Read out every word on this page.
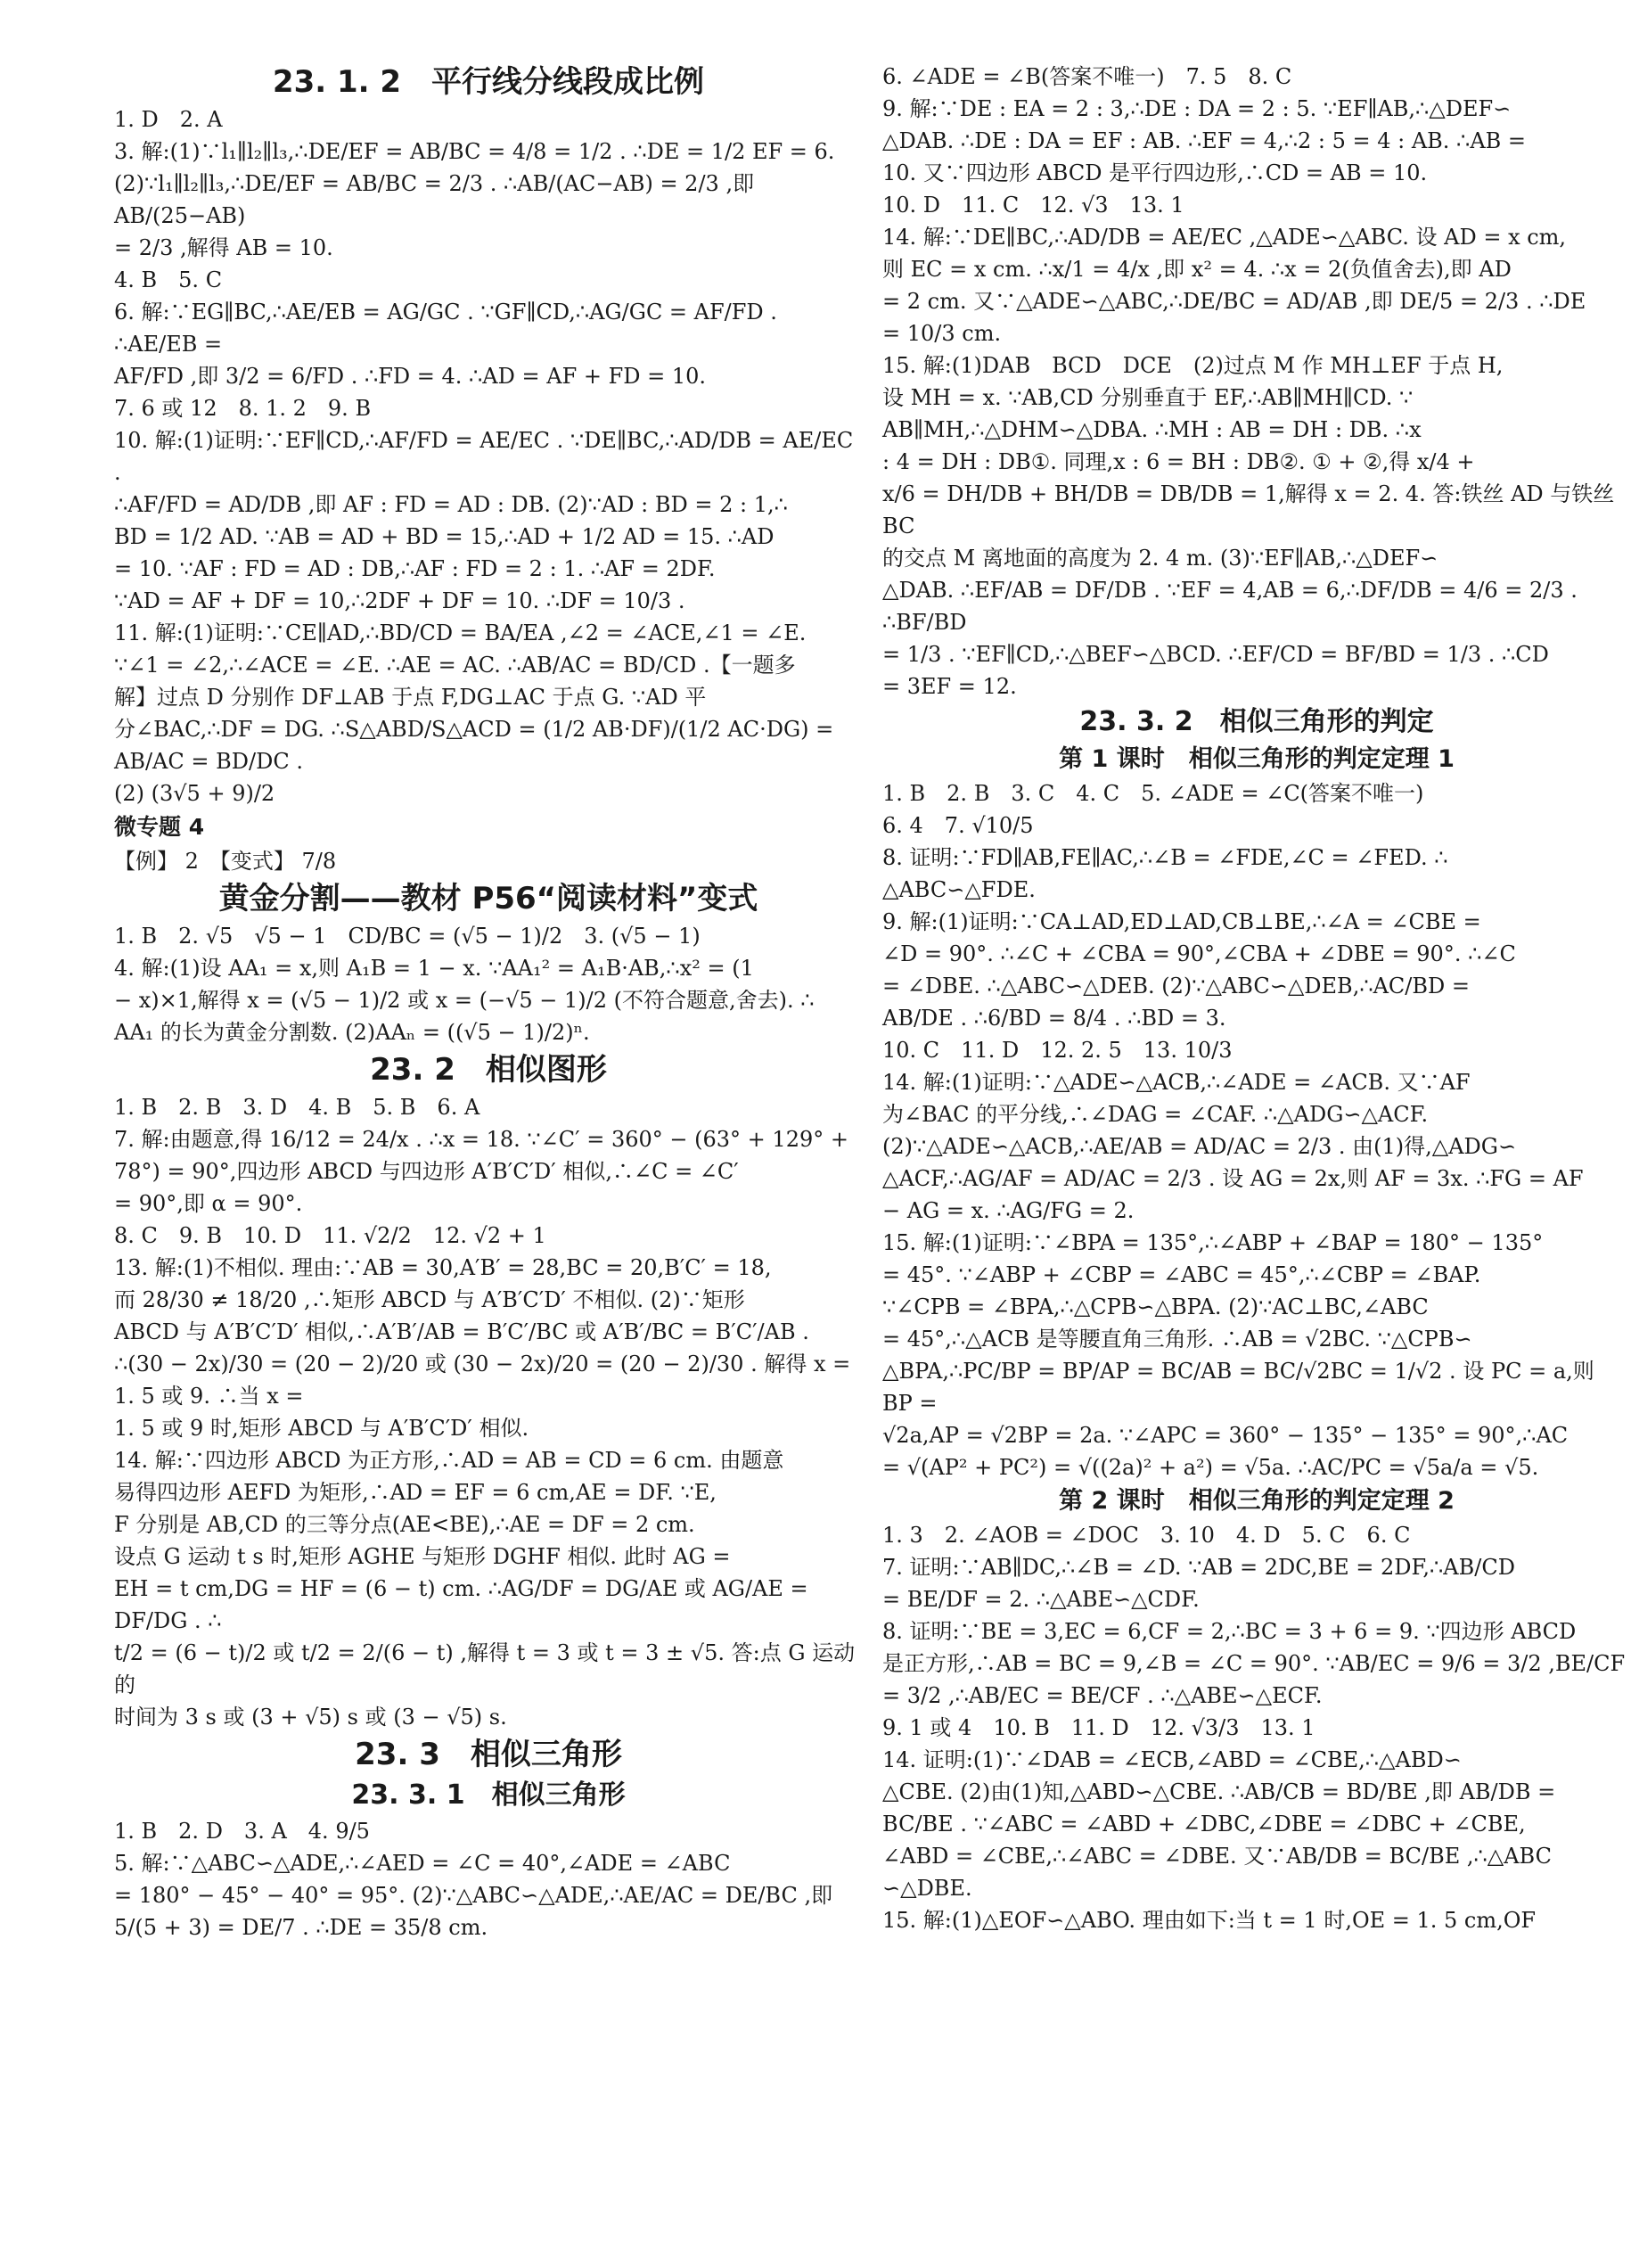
23. 1. 2　平行线分线段成比例

1. D　2. A

3. 解:(1)∵l₁∥l₂∥l₃,∴DE/EF = AB/BC = 4/8 = 1/2 . ∴DE = 1/2 EF = 6.

(2)∵l₁∥l₂∥l₃,∴DE/EF = AB/BC = 2/3 . ∴AB/(AC−AB) = 2/3 ,即 AB/(25−AB)

= 2/3 ,解得 AB = 10.

4. B　5. C

6. 解:∵EG∥BC,∴AE/EB = AG/GC . ∵GF∥CD,∴AG/GC = AF/FD . ∴AE/EB =

AF/FD ,即 3/2 = 6/FD . ∴FD = 4. ∴AD = AF + FD = 10.

7. 6 或 12　8. 1. 2　9. B

10. 解:(1)证明:∵EF∥CD,∴AF/FD = AE/EC . ∵DE∥BC,∴AD/DB = AE/EC .

∴AF/FD = AD/DB ,即 AF : FD = AD : DB. (2)∵AD : BD = 2 : 1,∴

BD = 1/2 AD. ∵AB = AD + BD = 15,∴AD + 1/2 AD = 15. ∴AD

= 10. ∵AF : FD = AD : DB,∴AF : FD = 2 : 1. ∴AF = 2DF.

∵AD = AF + DF = 10,∴2DF + DF = 10. ∴DF = 10/3 .

11. 解:(1)证明:∵CE∥AD,∴BD/CD = BA/EA ,∠2 = ∠ACE,∠1 = ∠E.

∵∠1 = ∠2,∴∠ACE = ∠E. ∴AE = AC. ∴AB/AC = BD/CD .【一题多

解】过点 D 分别作 DF⊥AB 于点 F,DG⊥AC 于点 G. ∵AD 平

分∠BAC,∴DF = DG. ∴S△ABD/S△ACD = (1/2 AB·DF)/(1/2 AC·DG) = AB/AC = BD/DC .

(2) (3√5 + 9)/2

微专题 4

【例】 2　【变式】 7/8

黄金分割——教材 P56“阅读材料”变式

1. B　2. √5　√5 − 1　CD/BC = (√5 − 1)/2　3. (√5 − 1)

4. 解:(1)设 AA₁ = x,则 A₁B = 1 − x. ∵AA₁² = A₁B·AB,∴x² = (1

− x)×1,解得 x = (√5 − 1)/2 或 x = (−√5 − 1)/2 (不符合题意,舍去). ∴

AA₁ 的长为黄金分割数. (2)AAₙ = ((√5 − 1)/2)ⁿ.

23. 2　相似图形

1. B　2. B　3. D　4. B　5. B　6. A

7. 解:由题意,得 16/12 = 24/x . ∴x = 18. ∵∠C′ = 360° − (63° + 129° +

78°) = 90°,四边形 ABCD 与四边形 A′B′C′D′ 相似,∴∠C = ∠C′

= 90°,即 α = 90°.

8. C　9. B　10. D　11. √2/2　12. √2 + 1

13. 解:(1)不相似. 理由:∵AB = 30,A′B′ = 28,BC = 20,B′C′ = 18,

而 28/30 ≠ 18/20 ,∴矩形 ABCD 与 A′B′C′D′ 不相似. (2)∵矩形

ABCD 与 A′B′C′D′ 相似,∴A′B′/AB = B′C′/BC 或 A′B′/BC = B′C′/AB .

∴(30 − 2x)/30 = (20 − 2)/20 或 (30 − 2x)/20 = (20 − 2)/30 . 解得 x = 1. 5 或 9. ∴当 x =

1. 5 或 9 时,矩形 ABCD 与 A′B′C′D′ 相似.

14. 解:∵四边形 ABCD 为正方形,∴AD = AB = CD = 6 cm. 由题意

易得四边形 AEFD 为矩形,∴AD = EF = 6 cm,AE = DF. ∵E,

F 分别是 AB,CD 的三等分点(AE<BE),∴AE = DF = 2 cm.

设点 G 运动 t s 时,矩形 AGHE 与矩形 DGHF 相似. 此时 AG =

EH = t cm,DG = HF = (6 − t) cm. ∴AG/DF = DG/AE 或 AG/AE = DF/DG . ∴

t/2 = (6 − t)/2 或 t/2 = 2/(6 − t) ,解得 t = 3 或 t = 3 ± √5. 答:点 G 运动的

时间为 3 s 或 (3 + √5) s 或 (3 − √5) s.

23. 3　相似三角形

23. 3. 1　相似三角形

1. B　2. D　3. A　4. 9/5

5. 解:∵△ABC∽△ADE,∴∠AED = ∠C = 40°,∠ADE = ∠ABC

= 180° − 45° − 40° = 95°. (2)∵△ABC∽△ADE,∴AE/AC = DE/BC ,即

5/(5 + 3) = DE/7 . ∴DE = 35/8 cm.

6. ∠ADE = ∠B(答案不唯一)　7. 5　8. C

9. 解:∵DE : EA = 2 : 3,∴DE : DA = 2 : 5. ∵EF∥AB,∴△DEF∽

△DAB. ∴DE : DA = EF : AB. ∴EF = 4,∴2 : 5 = 4 : AB. ∴AB =

10. 又∵四边形 ABCD 是平行四边形,∴CD = AB = 10.

10. D　11. C　12. √3　13. 1

14. 解:∵DE∥BC,∴AD/DB = AE/EC ,△ADE∽△ABC. 设 AD = x cm,

则 EC = x cm. ∴x/1 = 4/x ,即 x² = 4. ∴x = 2(负值舍去),即 AD

= 2 cm. 又∵△ADE∽△ABC,∴DE/BC = AD/AB ,即 DE/5 = 2/3 . ∴DE

= 10/3 cm.

15. 解:(1)DAB　BCD　DCE　(2)过点 M 作 MH⊥EF 于点 H,

设 MH = x. ∵AB,CD 分别垂直于 EF,∴AB∥MH∥CD. ∵

AB∥MH,∴△DHM∽△DBA. ∴MH : AB = DH : DB. ∴x

: 4 = DH : DB①. 同理,x : 6 = BH : DB②. ① + ②,得 x/4 +

x/6 = DH/DB + BH/DB = DB/DB = 1,解得 x = 2. 4. 答:铁丝 AD 与铁丝 BC

的交点 M 离地面的高度为 2. 4 m. (3)∵EF∥AB,∴△DEF∽

△DAB. ∴EF/AB = DF/DB . ∵EF = 4,AB = 6,∴DF/DB = 4/6 = 2/3 . ∴BF/BD

= 1/3 . ∵EF∥CD,∴△BEF∽△BCD. ∴EF/CD = BF/BD = 1/3 . ∴CD

= 3EF = 12.

23. 3. 2　相似三角形的判定

第 1 课时　相似三角形的判定定理 1

1. B　2. B　3. C　4. C　5. ∠ADE = ∠C(答案不唯一)

6. 4　7. √10/5

8. 证明:∵FD∥AB,FE∥AC,∴∠B = ∠FDE,∠C = ∠FED. ∴

△ABC∽△FDE.

9. 解:(1)证明:∵CA⊥AD,ED⊥AD,CB⊥BE,∴∠A = ∠CBE =

∠D = 90°. ∴∠C + ∠CBA = 90°,∠CBA + ∠DBE = 90°. ∴∠C

= ∠DBE. ∴△ABC∽△DEB. (2)∵△ABC∽△DEB,∴AC/BD =

AB/DE . ∴6/BD = 8/4 . ∴BD = 3.

10. C　11. D　12. 2. 5　13. 10/3

14. 解:(1)证明:∵△ADE∽△ACB,∴∠ADE = ∠ACB. 又∵AF

为∠BAC 的平分线,∴∠DAG = ∠CAF. ∴△ADG∽△ACF.

(2)∵△ADE∽△ACB,∴AE/AB = AD/AC = 2/3 . 由(1)得,△ADG∽

△ACF,∴AG/AF = AD/AC = 2/3 . 设 AG = 2x,则 AF = 3x. ∴FG = AF

− AG = x. ∴AG/FG = 2.

15. 解:(1)证明:∵∠BPA = 135°,∴∠ABP + ∠BAP = 180° − 135°

= 45°. ∵∠ABP + ∠CBP = ∠ABC = 45°,∴∠CBP = ∠BAP.

∵∠CPB = ∠BPA,∴△CPB∽△BPA. (2)∵AC⊥BC,∠ABC

= 45°,∴△ACB 是等腰直角三角形. ∴AB = √2BC. ∵△CPB∽

△BPA,∴PC/BP = BP/AP = BC/AB = BC/√2BC = 1/√2 . 设 PC = a,则 BP =

√2a,AP = √2BP = 2a. ∵∠APC = 360° − 135° − 135° = 90°,∴AC

= √(AP² + PC²) = √((2a)² + a²) = √5a. ∴AC/PC = √5a/a = √5.

第 2 课时　相似三角形的判定定理 2

1. 3　2. ∠AOB = ∠DOC　3. 10　4. D　5. C　6. C

7. 证明:∵AB∥DC,∴∠B = ∠D. ∵AB = 2DC,BE = 2DF,∴AB/CD

= BE/DF = 2. ∴△ABE∽△CDF.

8. 证明:∵BE = 3,EC = 6,CF = 2,∴BC = 3 + 6 = 9. ∵四边形 ABCD

是正方形,∴AB = BC = 9,∠B = ∠C = 90°. ∵AB/EC = 9/6 = 3/2 ,BE/CF

= 3/2 ,∴AB/EC = BE/CF . ∴△ABE∽△ECF.

9. 1 或 4　10. B　11. D　12. √3/3　13. 1

14. 证明:(1)∵∠DAB = ∠ECB,∠ABD = ∠CBE,∴△ABD∽

△CBE. (2)由(1)知,△ABD∽△CBE. ∴AB/CB = BD/BE ,即 AB/DB =

BC/BE . ∵∠ABC = ∠ABD + ∠DBC,∠DBE = ∠DBC + ∠CBE,

∠ABD = ∠CBE,∴∠ABC = ∠DBE. 又∵AB/DB = BC/BE ,∴△ABC

∽△DBE.

15. 解:(1)△EOF∽△ABO. 理由如下:当 t = 1 时,OE = 1. 5 cm,OF
